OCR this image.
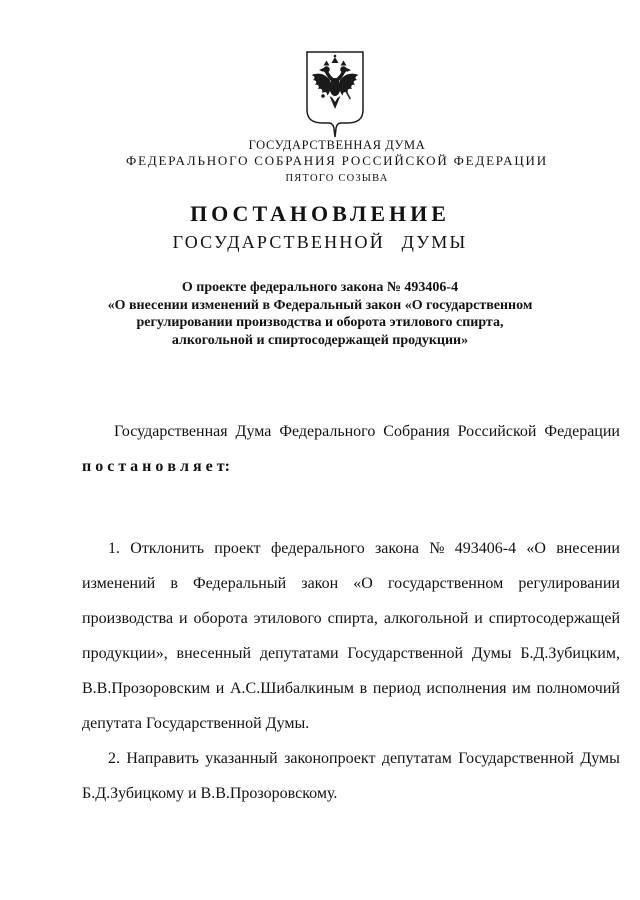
ГОСУДАРСТВЕННАЯ ДУМА
ФЕДЕРАЛЬНОГО СОБРАНИЯ РОССИЙСКОЙ ФЕДЕРАЦИИ
ПЯТОГО СОЗЫВА
ПОСТАНОВЛЕНИЕ
ГОСУДАРСТВЕННОЙ ДУМЫ
О проекте федерального закона № 493406-4
«О внесении изменений в Федеральный закон «О государственном
регулировании производства и оборота этилового спирта,
алкогольной и спиртосодержащей продукции»
Государственная Дума Федерального Собрания Российской Федерации
п о с т а н о в л я е т:
1. Отклонить проект федерального закона № 493406-4 «О внесении
изменений в Федеральный закон «О государственном регулировании
производства и оборота этилового спирта, алкогольной и спиртосодержащей
продукции», внесенный депутатами Государственной Думы Б.Д.Зубицким,
В.В.Прозоровским и А.С.Шибалкиным в период исполнения им полномочий
депутата Государственной Думы.
2. Направить указанный законопроект депутатам Государственной Думы
Б.Д.Зубицкому и В.В.Прозоровскому.
